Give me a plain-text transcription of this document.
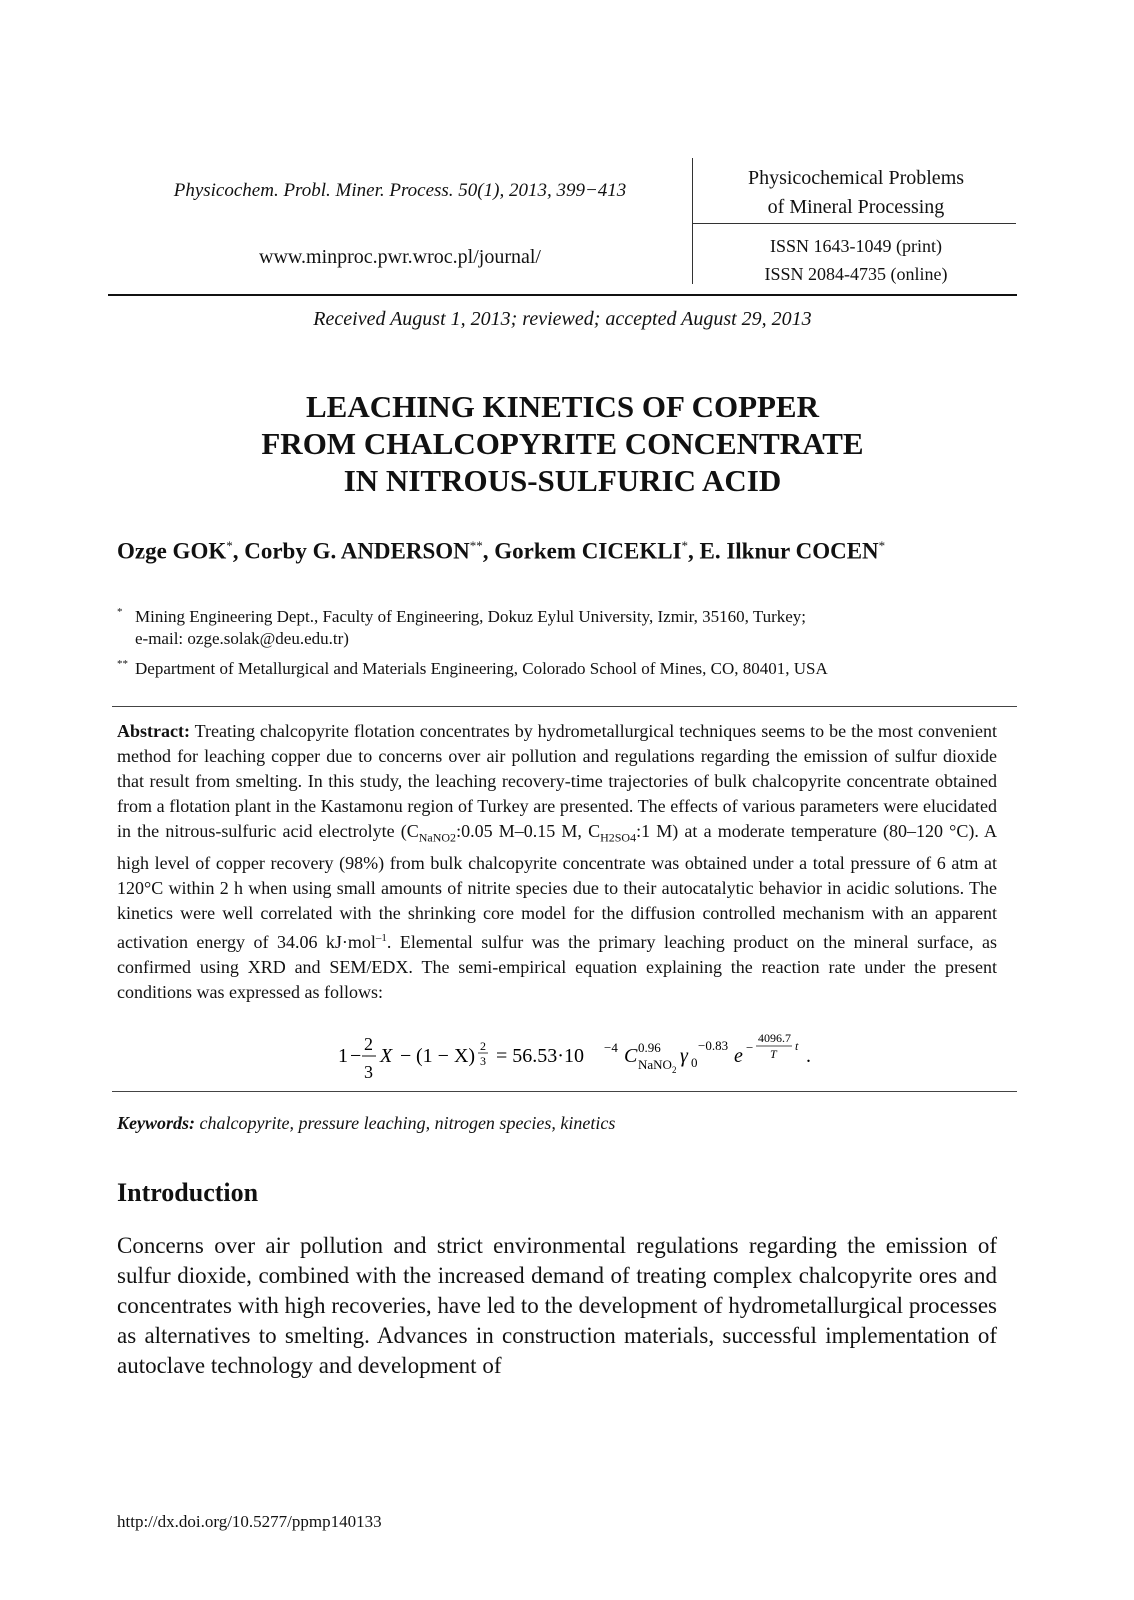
Physicochem. Probl. Miner. Process. 50(1), 2013, 399−413
www.minproc.pwr.wroc.pl/journal/
Physicochemical Problems
of Mineral Processing
ISSN 1643-1049 (print)
ISSN 2084-4735 (online)
Received August 1, 2013; reviewed; accepted August 29, 2013
LEACHING KINETICS OF COPPER
FROM CHALCOPYRITE CONCENTRATE
IN NITROUS-SULFURIC ACID
Ozge GOK*, Corby G. ANDERSON**, Gorkem CICEKLI*, E. Ilknur COCEN*
* Mining Engineering Dept., Faculty of Engineering, Dokuz Eylul University, Izmir, 35160, Turkey;
e-mail: ozge.solak@deu.edu.tr)
** Department of Metallurgical and Materials Engineering, Colorado School of Mines, CO, 80401, USA
Abstract: Treating chalcopyrite flotation concentrates by hydrometallurgical techniques seems to be the most convenient method for leaching copper due to concerns over air pollution and regulations regarding the emission of sulfur dioxide that result from smelting. In this study, the leaching recovery-time trajectories of bulk chalcopyrite concentrate obtained from a flotation plant in the Kastamonu region of Turkey are presented. The effects of various parameters were elucidated in the nitrous-sulfuric acid electrolyte ($C_{NaNO2}:0.05$ M–0.15 M, $C_{H2SO4}:1$ M) at a moderate temperature (80–120 °C). A high level of copper recovery (98%) from bulk chalcopyrite concentrate was obtained under a total pressure of 6 atm at 120°C within 2 h when using small amounts of nitrite species due to their autocatalytic behavior in acidic solutions. The kinetics were well correlated with the shrinking core model for the diffusion controlled mechanism with an apparent activation energy of 34.06 kJ·mol$^{-1}$. Elemental sulfur was the primary leaching product on the mineral surface, as confirmed using XRD and SEM/EDX. The semi-empirical equation explaining the reaction rate under the present conditions was expressed as follows:
1 −
2
3
X − (1 − X) 2
3 = 56.53·10 −4 C 0.96
NaNO 2
γ 0
−0.83 e −
4096.7
T
t .
Keywords: chalcopyrite, pressure leaching, nitrogen species, kinetics
Introduction
Concerns over air pollution and strict environmental regulations regarding the emission of sulfur dioxide, combined with the increased demand of treating complex chalcopyrite ores and concentrates with high recoveries, have led to the development of hydrometallurgical processes as alternatives to smelting. Advances in construction materials, successful implementation of autoclave technology and development of
http://dx.doi.org/10.5277/ppmp140133
